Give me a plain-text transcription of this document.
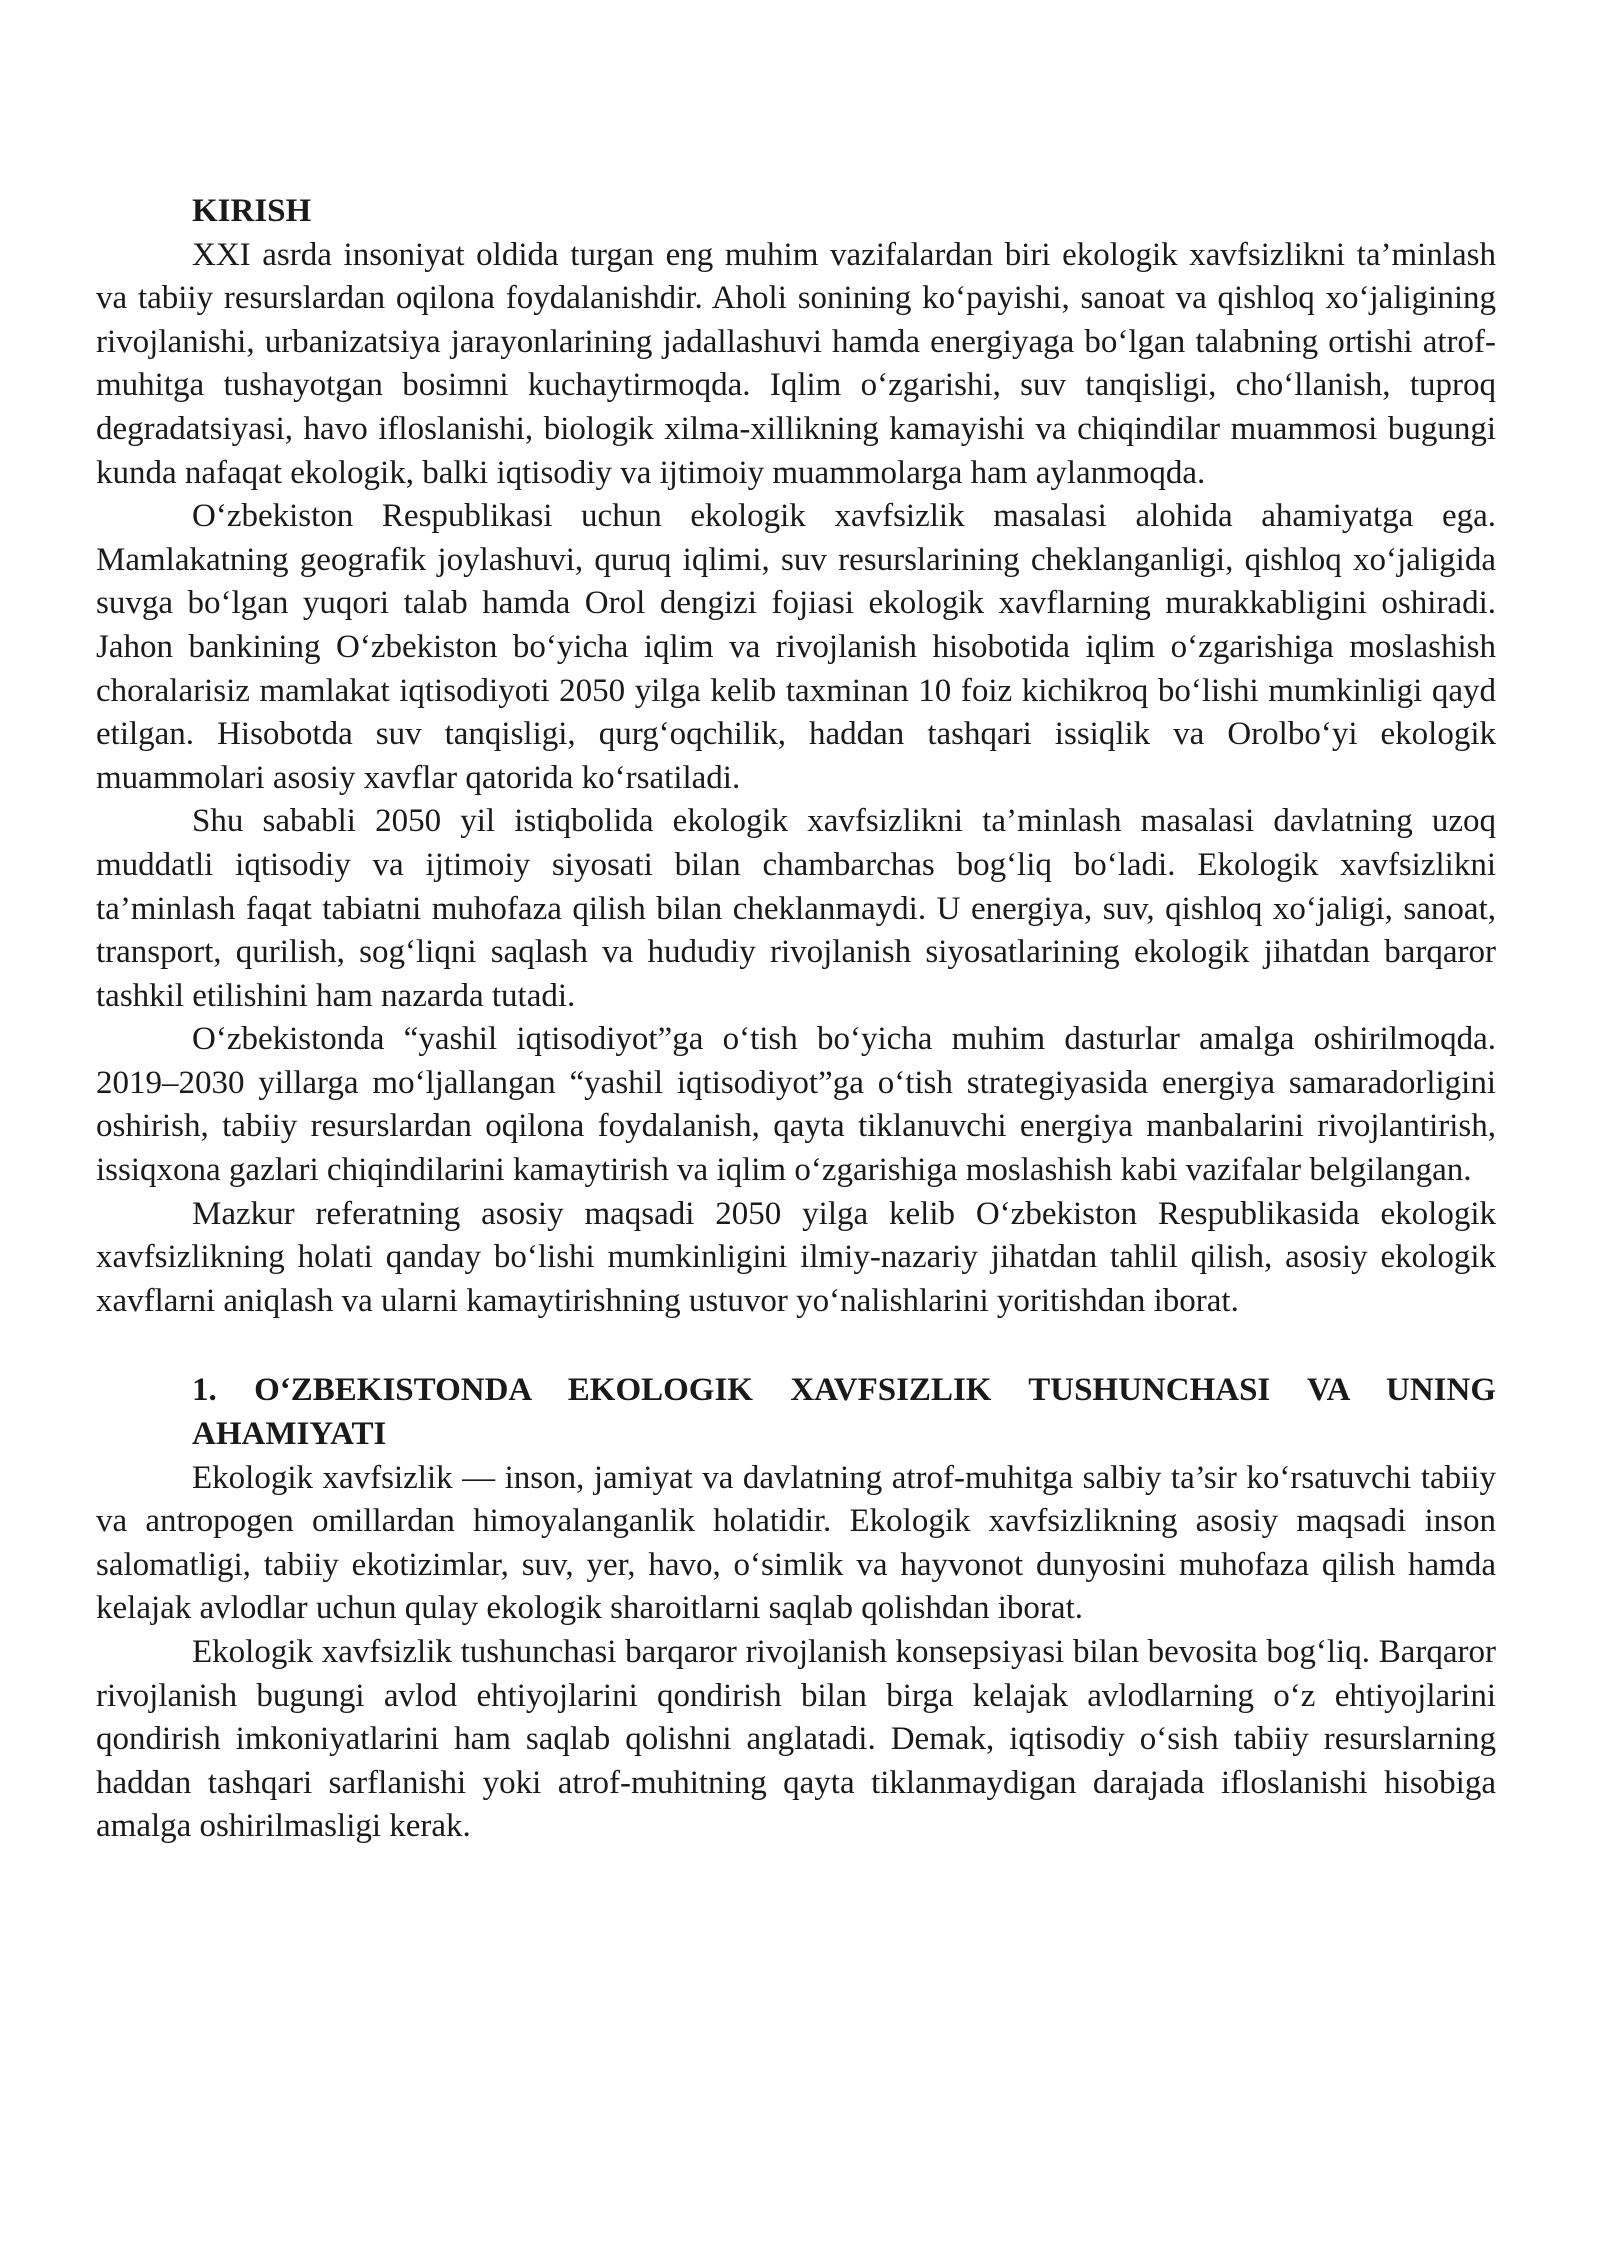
KIRISH

XXI asrda insoniyat oldida turgan eng muhim vazifalardan biri ekologik xavfsizlikni ta’minlash va tabiiy resurslardan oqilona foydalanishdir. Aholi sonining ko‘payishi, sanoat va qishloq xo‘jaligining rivojlanishi, urbanizatsiya jarayonlarining jadallashuvi hamda energiyaga bo‘lgan talabning ortishi atrof-muhitga tushayotgan bosimni kuchaytirmoqda. Iqlim o‘zgarishi, suv tanqisligi, cho‘llanish, tuproq degradatsiyasi, havo ifloslanishi, biologik xilma-xillikning kamayishi va chiqindilar muammosi bugungi kunda nafaqat ekologik, balki iqtisodiy va ijtimoiy muammolarga ham aylanmoqda.

O‘zbekiston Respublikasi uchun ekologik xavfsizlik masalasi alohida ahamiyatga ega. Mamlakatning geografik joylashuvi, quruq iqlimi, suv resurslarining cheklanganligi, qishloq xo‘jaligida suvga bo‘lgan yuqori talab hamda Orol dengizi fojiasi ekologik xavflarning murakkabligini oshiradi. Jahon bankining O‘zbekiston bo‘yicha iqlim va rivojlanish hisobotida iqlim o‘zgarishiga moslashish choralarisiz mamlakat iqtisodiyoti 2050 yilga kelib taxminan 10 foiz kichikroq bo‘lishi mumkinligi qayd etilgan. Hisobotda suv tanqisligi, qurg‘oqchilik, haddan tashqari issiqlik va Orolbo‘yi ekologik muammolari asosiy xavflar qatorida ko‘rsatiladi.

Shu sababli 2050 yil istiqbolida ekologik xavfsizlikni ta’minlash masalasi davlatning uzoq muddatli iqtisodiy va ijtimoiy siyosati bilan chambarchas bog‘liq bo‘ladi. Ekologik xavfsizlikni ta’minlash faqat tabiatni muhofaza qilish bilan cheklanmaydi. U energiya, suv, qishloq xo‘jaligi, sanoat, transport, qurilish, sog‘liqni saqlash va hududiy rivojlanish siyosatlarining ekologik jihatdan barqaror tashkil etilishini ham nazarda tutadi.

O‘zbekistonda “yashil iqtisodiyot”ga o‘tish bo‘yicha muhim dasturlar amalga oshirilmoqda. 2019–2030 yillarga mo‘ljallangan “yashil iqtisodiyot”ga o‘tish strategiyasida energiya samaradorligini oshirish, tabiiy resurslardan oqilona foydalanish, qayta tiklanuvchi energiya manbalarini rivojlantirish, issiqxona gazlari chiqindilarini kamaytirish va iqlim o‘zgarishiga moslashish kabi vazifalar belgilangan.

Mazkur referatning asosiy maqsadi 2050 yilga kelib O‘zbekiston Respublikasida ekologik xavfsizlikning holati qanday bo‘lishi mumkinligini ilmiy-nazariy jihatdan tahlil qilish, asosiy ekologik xavflarni aniqlash va ularni kamaytirishning ustuvor yo‘nalishlarini yoritishdan iborat.

1. O‘ZBEKISTONDA EKOLOGIK XAVFSIZLIK TUSHUNCHASI VA UNING AHAMIYATI

Ekologik xavfsizlik — inson, jamiyat va davlatning atrof-muhitga salbiy ta’sir ko‘rsatuvchi tabiiy va antropogen omillardan himoyalanganlik holatidir. Ekologik xavfsizlikning asosiy maqsadi inson salomatligi, tabiiy ekotizimlar, suv, yer, havo, o‘simlik va hayvonot dunyosini muhofaza qilish hamda kelajak avlodlar uchun qulay ekologik sharoitlarni saqlab qolishdan iborat.

Ekologik xavfsizlik tushunchasi barqaror rivojlanish konsepsiyasi bilan bevosita bog‘liq. Barqaror rivojlanish bugungi avlod ehtiyojlarini qondirish bilan birga kelajak avlodlarning o‘z ehtiyojlarini qondirish imkoniyatlarini ham saqlab qolishni anglatadi. Demak, iqtisodiy o‘sish tabiiy resurslarning haddan tashqari sarflanishi yoki atrof-muhitning qayta tiklanmaydigan darajada ifloslanishi hisobiga amalga oshirilmasligi kerak.
